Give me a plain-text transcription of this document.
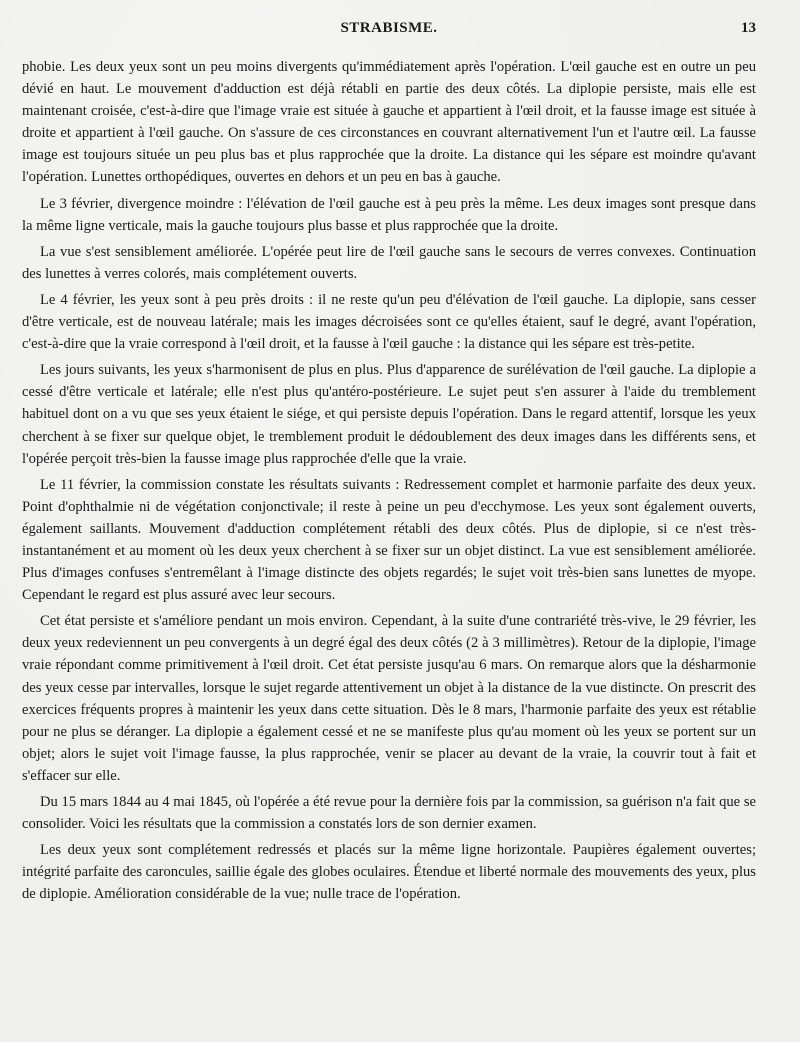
STRABISME.	13

phobie. Les deux yeux sont un peu moins divergents qu'immédiatement après l'opération. L'œil gauche est en outre un peu dévié en haut. Le mouvement d'adduction est déjà rétabli en partie des deux côtés. La diplopie persiste, mais elle est maintenant croisée, c'est-à-dire que l'image vraie est située à gauche et appartient à l'œil droit, et la fausse image est située à droite et appartient à l'œil gauche. On s'assure de ces circonstances en couvrant alternativement l'un et l'autre œil. La fausse image est toujours située un peu plus bas et plus rapprochée que la droite. La distance qui les sépare est moindre qu'avant l'opération. Lunettes orthopédiques, ouvertes en dehors et un peu en bas à gauche.

Le 3 février, divergence moindre : l'élévation de l'œil gauche est à peu près la même. Les deux images sont presque dans la même ligne verticale, mais la gauche toujours plus basse et plus rapprochée que la droite.

La vue s'est sensiblement améliorée. L'opérée peut lire de l'œil gauche sans le secours de verres convexes. Continuation des lunettes à verres colorés, mais complétement ouverts.

Le 4 février, les yeux sont à peu près droits : il ne reste qu'un peu d'élévation de l'œil gauche. La diplopie, sans cesser d'être verticale, est de nouveau latérale; mais les images décroisées sont ce qu'elles étaient, sauf le degré, avant l'opération, c'est-à-dire que la vraie correspond à l'œil droit, et la fausse à l'œil gauche : la distance qui les sépare est très-petite.

Les jours suivants, les yeux s'harmonisent de plus en plus. Plus d'apparence de surélévation de l'œil gauche. La diplopie a cessé d'être verticale et latérale; elle n'est plus qu'antéro-postérieure. Le sujet peut s'en assurer à l'aide du tremblement habituel dont on a vu que ses yeux étaient le siége, et qui persiste depuis l'opération. Dans le regard attentif, lorsque les yeux cherchent à se fixer sur quelque objet, le tremblement produit le dédoublement des deux images dans les différents sens, et l'opérée perçoit très-bien la fausse image plus rapprochée d'elle que la vraie.

Le 11 février, la commission constate les résultats suivants : Redressement complet et harmonie parfaite des deux yeux. Point d'ophthalmie ni de végétation conjonctivale; il reste à peine un peu d'ecchymose. Les yeux sont également ouverts, également saillants. Mouvement d'adduction complétement rétabli des deux côtés. Plus de diplopie, si ce n'est très-instantanément et au moment où les deux yeux cherchent à se fixer sur un objet distinct. La vue est sensiblement améliorée. Plus d'images confuses s'entremêlant à l'image distincte des objets regardés; le sujet voit très-bien sans lunettes de myope. Cependant le regard est plus assuré avec leur secours.

Cet état persiste et s'améliore pendant un mois environ. Cependant, à la suite d'une contrariété très-vive, le 29 février, les deux yeux redeviennent un peu convergents à un degré égal des deux côtés (2 à 3 millimètres). Retour de la diplopie, l'image vraie répondant comme primitivement à l'œil droit. Cet état persiste jusqu'au 6 mars. On remarque alors que la désharmonie des yeux cesse par intervalles, lorsque le sujet regarde attentivement un objet à la distance de la vue distincte. On prescrit des exercices fréquents propres à maintenir les yeux dans cette situation. Dès le 8 mars, l'harmonie parfaite des yeux est rétablie pour ne plus se déranger. La diplopie a également cessé et ne se manifeste plus qu'au moment où les yeux se portent sur un objet; alors le sujet voit l'image fausse, la plus rapprochée, venir se placer au devant de la vraie, la couvrir tout à fait et s'effacer sur elle.

Du 15 mars 1844 au 4 mai 1845, où l'opérée a été revue pour la dernière fois par la commission, sa guérison n'a fait que se consolider. Voici les résultats que la commission a constatés lors de son dernier examen.

Les deux yeux sont complétement redressés et placés sur la même ligne horizontale. Paupières également ouvertes; intégrité parfaite des caroncules, saillie égale des globes oculaires. Étendue et liberté normale des mouvements des yeux, plus de diplopie. Amélioration considérable de la vue; nulle trace de l'opération.
